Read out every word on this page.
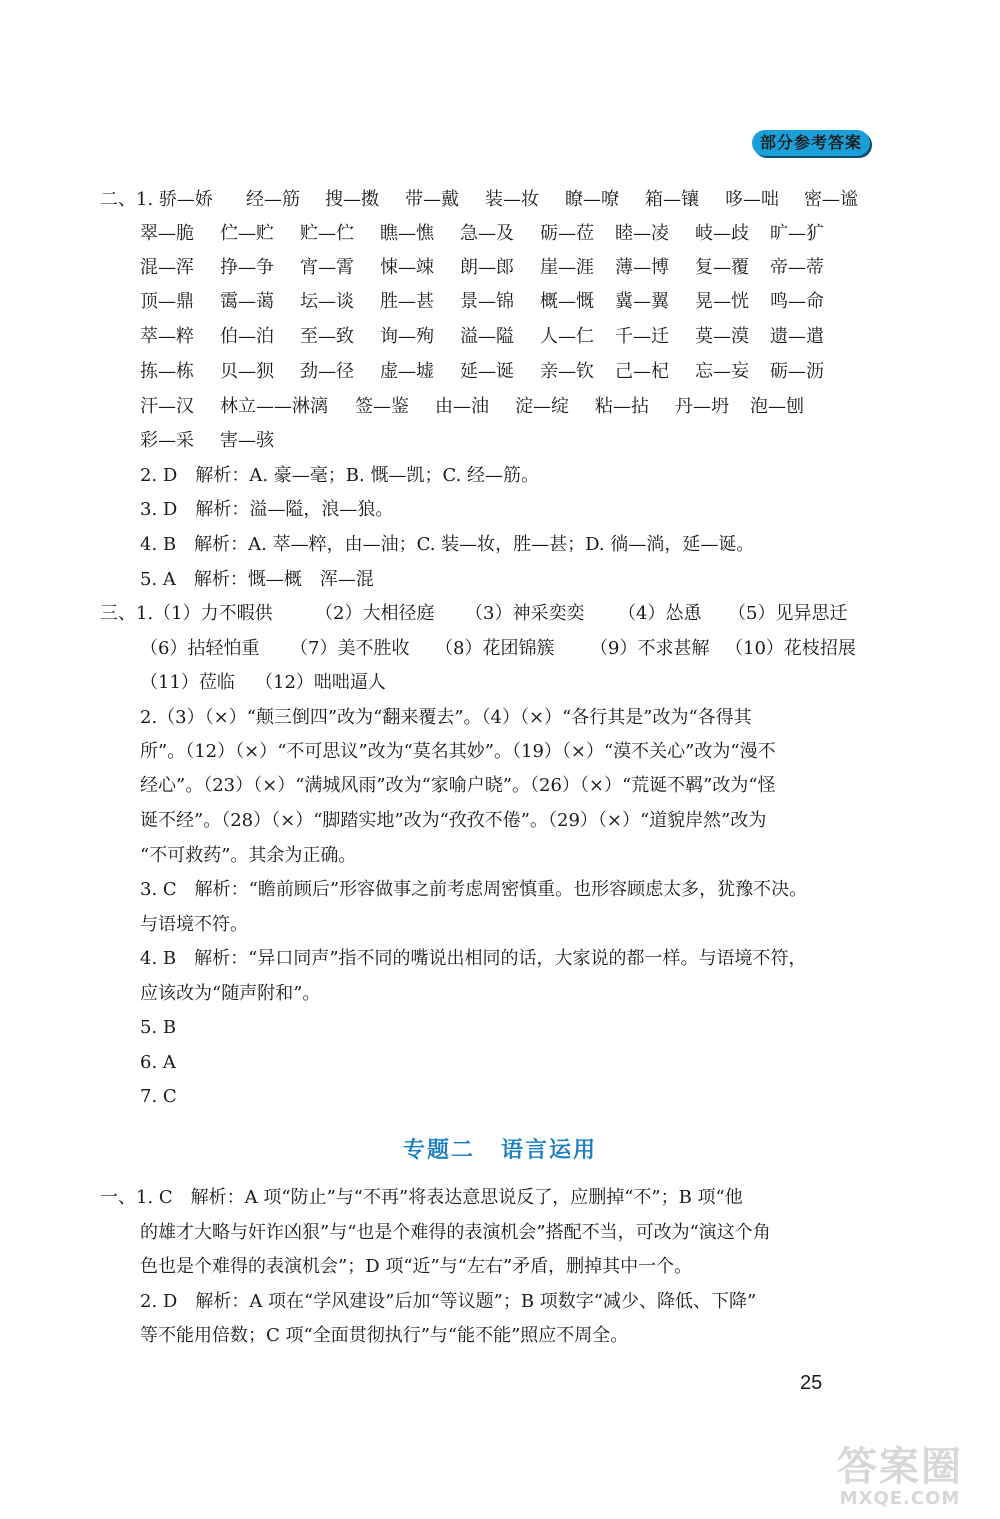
部分参考答案
二、1. 骄—娇 经—筋 搜—擞 带—戴 装—妆 瞭—嘹 箱—镶 哆—咄 密—谧
翠—脆 伫—贮 贮—伫 瞧—憔 急—及 砺—莅 睦—凌 岐—歧 旷—犷
混—浑 挣—争 宵—霄 悚—竦 朗—郎 崖—涯 薄—博 复—覆 帝—蒂
顶—鼎 霭—蔼 坛—谈 胜—甚 景—锦 概—慨 冀—翼 晃—恍 鸣—命
萃—粹 伯—泊 至—致 询—殉 溢—隘 人—仁 千—迁 莫—漠 遗—遣
拣—栋 贝—狈 劲—径 虚—墟 延—诞 亲—钦 己—杞 忘—妄 砺—沥
汗—汉 林立——淋漓 签—鉴 由—油 淀—绽 粘—拈 丹—坍 泡—刨
彩—采 害—骇
2. D　解析：A. 豪—毫；B. 慨—凯；C. 经—筋。
3. D　解析：溢—隘，浪—狼。
4. B　解析：A. 萃—粹，由—油；C. 装—妆，胜—甚；D. 徜—淌，延—诞。
5. A　解析：慨—概　浑—混
三、1.（1）力不暇供 （2）大相径庭 （3）神采奕奕 （4）怂恿 （5）见异思迁
（6）拈轻怕重 （7）美不胜收 （8）花团锦簇 （9）不求甚解 （10）花枝招展
（11）莅临 （12）咄咄逼人
2.（3）（×）“颠三倒四”改为“翻来覆去”。（4）（×）“各行其是”改为“各得其
所”。（12）（×）“不可思议”改为“莫名其妙”。（19）（×）“漠不关心”改为“漫不
经心”。（23）（×）“满城风雨”改为“家喻户晓”。（26）（×）“荒诞不羁”改为“怪
诞不经”。（28）（×）“脚踏实地”改为“孜孜不倦”。（29）（×）“道貌岸然”改为
“不可救药”。其余为正确。
3. C　解析：“瞻前顾后”形容做事之前考虑周密慎重。也形容顾虑太多，犹豫不决。
与语境不符。
4. B　解析：“异口同声”指不同的嘴说出相同的话，大家说的都一样。与语境不符，
应该改为“随声附和”。
5. B
6. A
7. C
专题二 语言运用
一、1. C　解析：A 项“防止”与“不再”将表达意思说反了，应删掉“不”；B 项“他
的雄才大略与奸诈凶狠”与“也是个难得的表演机会”搭配不当，可改为“演这个角
色也是个难得的表演机会”；D 项“近”与“左右”矛盾，删掉其中一个。
2. D　解析：A 项在“学风建设”后加“等议题”；B 项数字“减少、降低、下降”
等不能用倍数；C 项“全面贯彻执行”与“能不能”照应不周全。
25
答案圈
MXQE.COM
